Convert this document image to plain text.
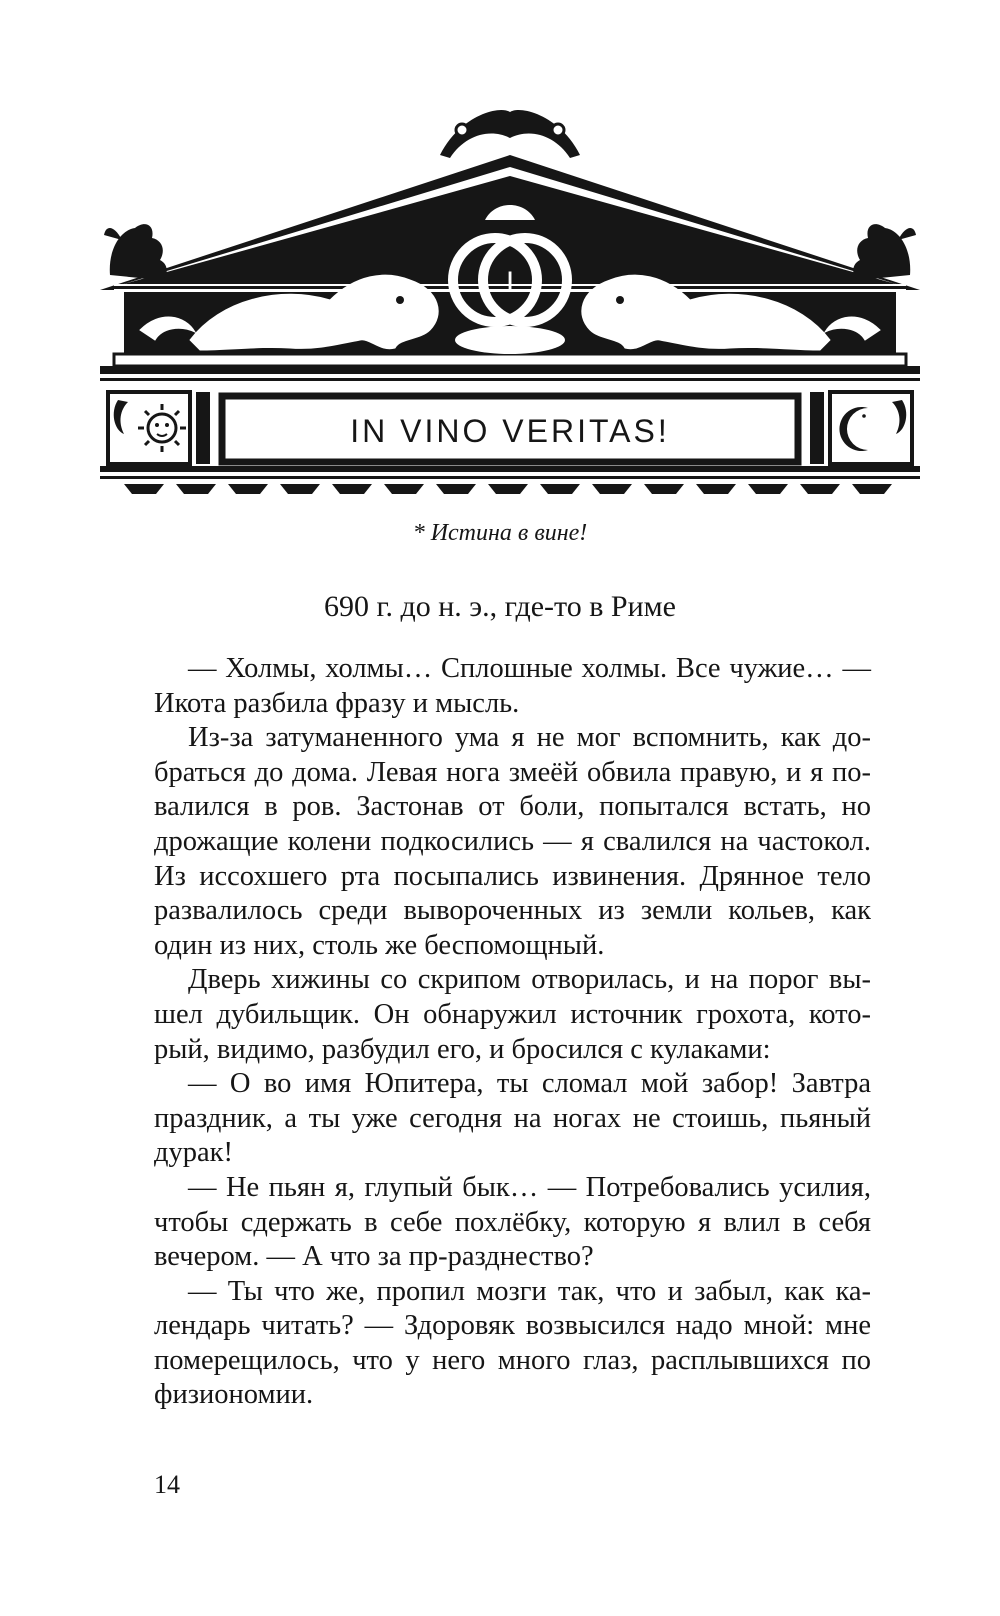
I
IN VINO VERITAS!
* Истина в вине!
690 г. до н. э., где-то в Риме
— Холмы, холмы… Сплошные холмы. Все чужие… —
Икота разбила фразу и мысль.
Из-за затуманенного ума я не мог вспомнить, как до-
браться до дома. Левая нога змеёй обвила правую, и я по-
валился в ров. Застонав от боли, попытался встать, но
дрожащие колени подкосились — я свалился на частокол.
Из иссохшего рта посыпались извинения. Дрянное тело
развалилось среди вывороченных из земли кольев, как
один из них, столь же беспомощный.
Дверь хижины со скрипом отворилась, и на порог вы-
шел дубильщик. Он обнаружил источник грохота, кото-
рый, видимо, разбудил его, и бросился с кулаками:
— О во имя Юпитера, ты сломал мой забор! Завтра
праздник, а ты уже сегодня на ногах не стоишь, пьяный
дурак!
— Не пьян я, глупый бык… — Потребовались усилия,
чтобы сдержать в себе похлёбку, которую я влил в себя
вечером. — А что за пр-разднество?
— Ты что же, пропил мозги так, что и забыл, как ка-
лендарь читать? — Здоровяк возвысился надо мной: мне
померещилось, что у него много глаз, расплывшихся по
физиономии.
14
